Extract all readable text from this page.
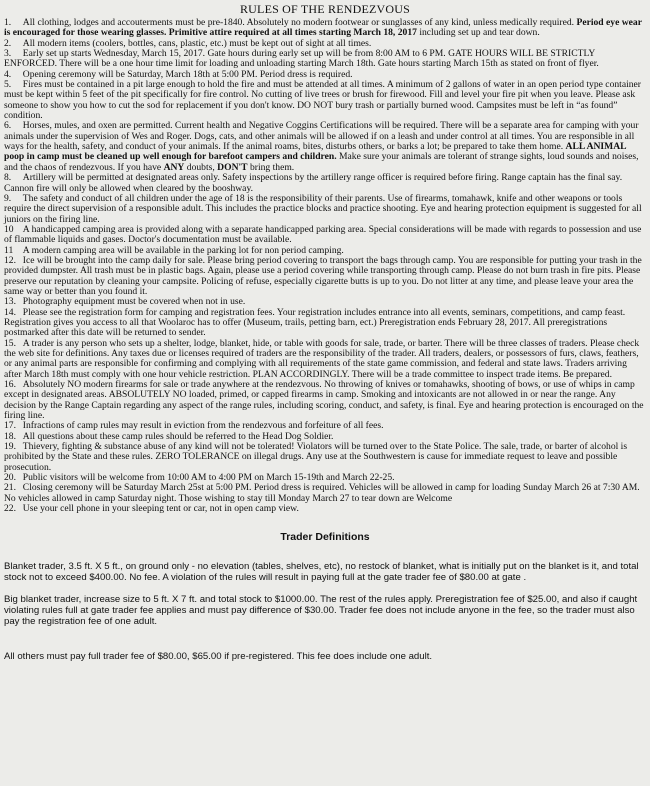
RULES OF THE RENDEZVOUS

1. All clothing, lodges and accouterments must be pre-1840. Absolutely no modern footwear or sunglasses of any kind, unless medically required. Period eye wear is encouraged for those wearing glasses. Primitive attire required at all times starting March 18, 2017 including set up and tear down.

2. All modern items (coolers, bottles, cans, plastic, etc.) must be kept out of sight at all times.

3. Early set up starts Wednesday, March 15, 2017. Gate hours during early set up will be from 8:00 AM to 6 PM. GATE HOURS WILL BE STRICTLY ENFORCED. There will be a one hour time limit for loading and unloading starting March 18th. Gate hours starting March 15th as stated on front of flyer.

4. Opening ceremony will be Saturday, March 18th at 5:00 PM. Period dress is required.

5. Fires must be contained in a pit large enough to hold the fire and must be attended at all times. A minimum of 2 gallons of water in an open period type container must be kept within 5 feet of the pit specifically for fire control. No cutting of live trees or brush for firewood. Fill and level your fire pit when you leave. Please ask someone to show you how to cut the sod for replacement if you don't know. DO NOT bury trash or partially burned wood. Campsites must be left in “as found” condition.

6. Horses, mules, and oxen are permitted. Current health and Negative Coggins Certifications will be required. There will be a separate area for camping with your animals under the supervision of Wes and Roger. Dogs, cats, and other animals will be allowed if on a leash and under control at all times. You are responsible in all ways for the health, safety, and conduct of your animals. If the animal roams, bites, disturbs others, or barks a lot; be prepared to take them home. ALL ANIMAL poop in camp must be cleaned up well enough for barefoot campers and children. Make sure your animals are tolerant of strange sights, loud sounds and noises, and the chaos of rendezvous. If you have ANY doubts, DON'T bring them.

8. Artillery will be permitted at designated areas only. Safety inspections by the artillery range officer is required before firing. Range captain has the final say. Cannon fire will only be allowed when cleared by the booshway.

9. The safety and conduct of all children under the age of 18 is the responsibility of their parents. Use of firearms, tomahawk, knife and other weapons or tools require the direct supervision of a responsible adult. This includes the practice blocks and practice shooting. Eye and hearing protection equipment is suggested for all juniors on the firing line.

10 A handicapped camping area is provided along with a separate handicapped parking area. Special considerations will be made with regards to possession and use of flammable liquids and gases. Doctor's documentation must be available.

11 A modern camping area will be available in the parking lot for non period camping.

12. Ice will be brought into the camp daily for sale. Please bring period covering to transport the bags through camp. You are responsible for putting your trash in the provided dumpster. All trash must be in plastic bags. Again, please use a period covering while transporting through camp. Please do not burn trash in fire pits. Please preserve our reputation by cleaning your campsite. Policing of refuse, especially cigarette butts is up to you. Do not litter at any time, and please leave your area the same way or better than you found it.

13. Photography equipment must be covered when not in use.

14. Please see the registration form for camping and registration fees. Your registration includes entrance into all events, seminars, competitions, and camp feast. Registration gives you access to all that Woolaroc has to offer (Museum, trails, petting barn, ect.) Preregistration ends February 28, 2017. All preregistrations postmarked after this date will be returned to sender.

15. A trader is any person who sets up a shelter, lodge, blanket, hide, or table with goods for sale, trade, or barter. There will be three classes of traders. Please check the web site for definitions. Any taxes due or licenses required of traders are the responsibility of the trader. All traders, dealers, or possessors of furs, claws, feathers, or any animal parts are responsible for confirming and complying with all requirements of the state game commission, and federal and state laws. Traders arriving after March 18th must comply with one hour vehicle restriction. PLAN ACCORDINGLY. There will be a trade committee to inspect trade items. Be prepared.

16. Absolutely NO modern firearms for sale or trade anywhere at the rendezvous. No throwing of knives or tomahawks, shooting of bows, or use of whips in camp except in designated areas. ABSOLUTELY NO loaded, primed, or capped firearms in camp. Smoking and intoxicants are not allowed in or near the range. Any decision by the Range Captain regarding any aspect of the range rules, including scoring, conduct, and safety, is final. Eye and hearing protection is encouraged on the firing line.

17. Infractions of camp rules may result in eviction from the rendezvous and forfeiture of all fees.

18. All questions about these camp rules should be referred to the Head Dog Soldier.

19. Thievery, fighting & substance abuse of any kind will not be tolerated! Violators will be turned over to the State Police. The sale, trade, or barter of alcohol is prohibited by the State and these rules. ZERO TOLERANCE on illegal drugs. Any use at the Southwestern is cause for immediate request to leave and possible prosecution.

20. Public visitors will be welcome from 10:00 AM to 4:00 PM on March 15-19th and March 22-25.

21. Closing ceremony will be Saturday March 25st at 5:00 PM. Period dress is required. Vehicles will be allowed in camp for loading Sunday March 26 at 7:30 AM. No vehicles allowed in camp Saturday night. Those wishing to stay till Monday March 27 to tear down are Welcome

22. Use your cell phone in your sleeping tent or car, not in open camp view.

Trader Definitions

Blanket trader, 3.5 ft. X 5 ft., on ground only - no elevation (tables, shelves, etc), no restock of blanket, what is initially put on the blanket is it, and total stock not to exceed $400.00. No fee. A violation of the rules will result in paying full at the gate trader fee of $80.00 at gate .

Big blanket trader, increase size to 5 ft. X 7 ft. and total stock to $1000.00. The rest of the rules apply. Preregistration fee of $25.00, and also if caught violating rules full at gate trader fee applies and must pay difference of $30.00. Trader fee does not include anyone in the fee, so the trader must also pay the registration fee of one adult.

All others must pay full trader fee of $80.00, $65.00 if pre-registered. This fee does include one adult.
